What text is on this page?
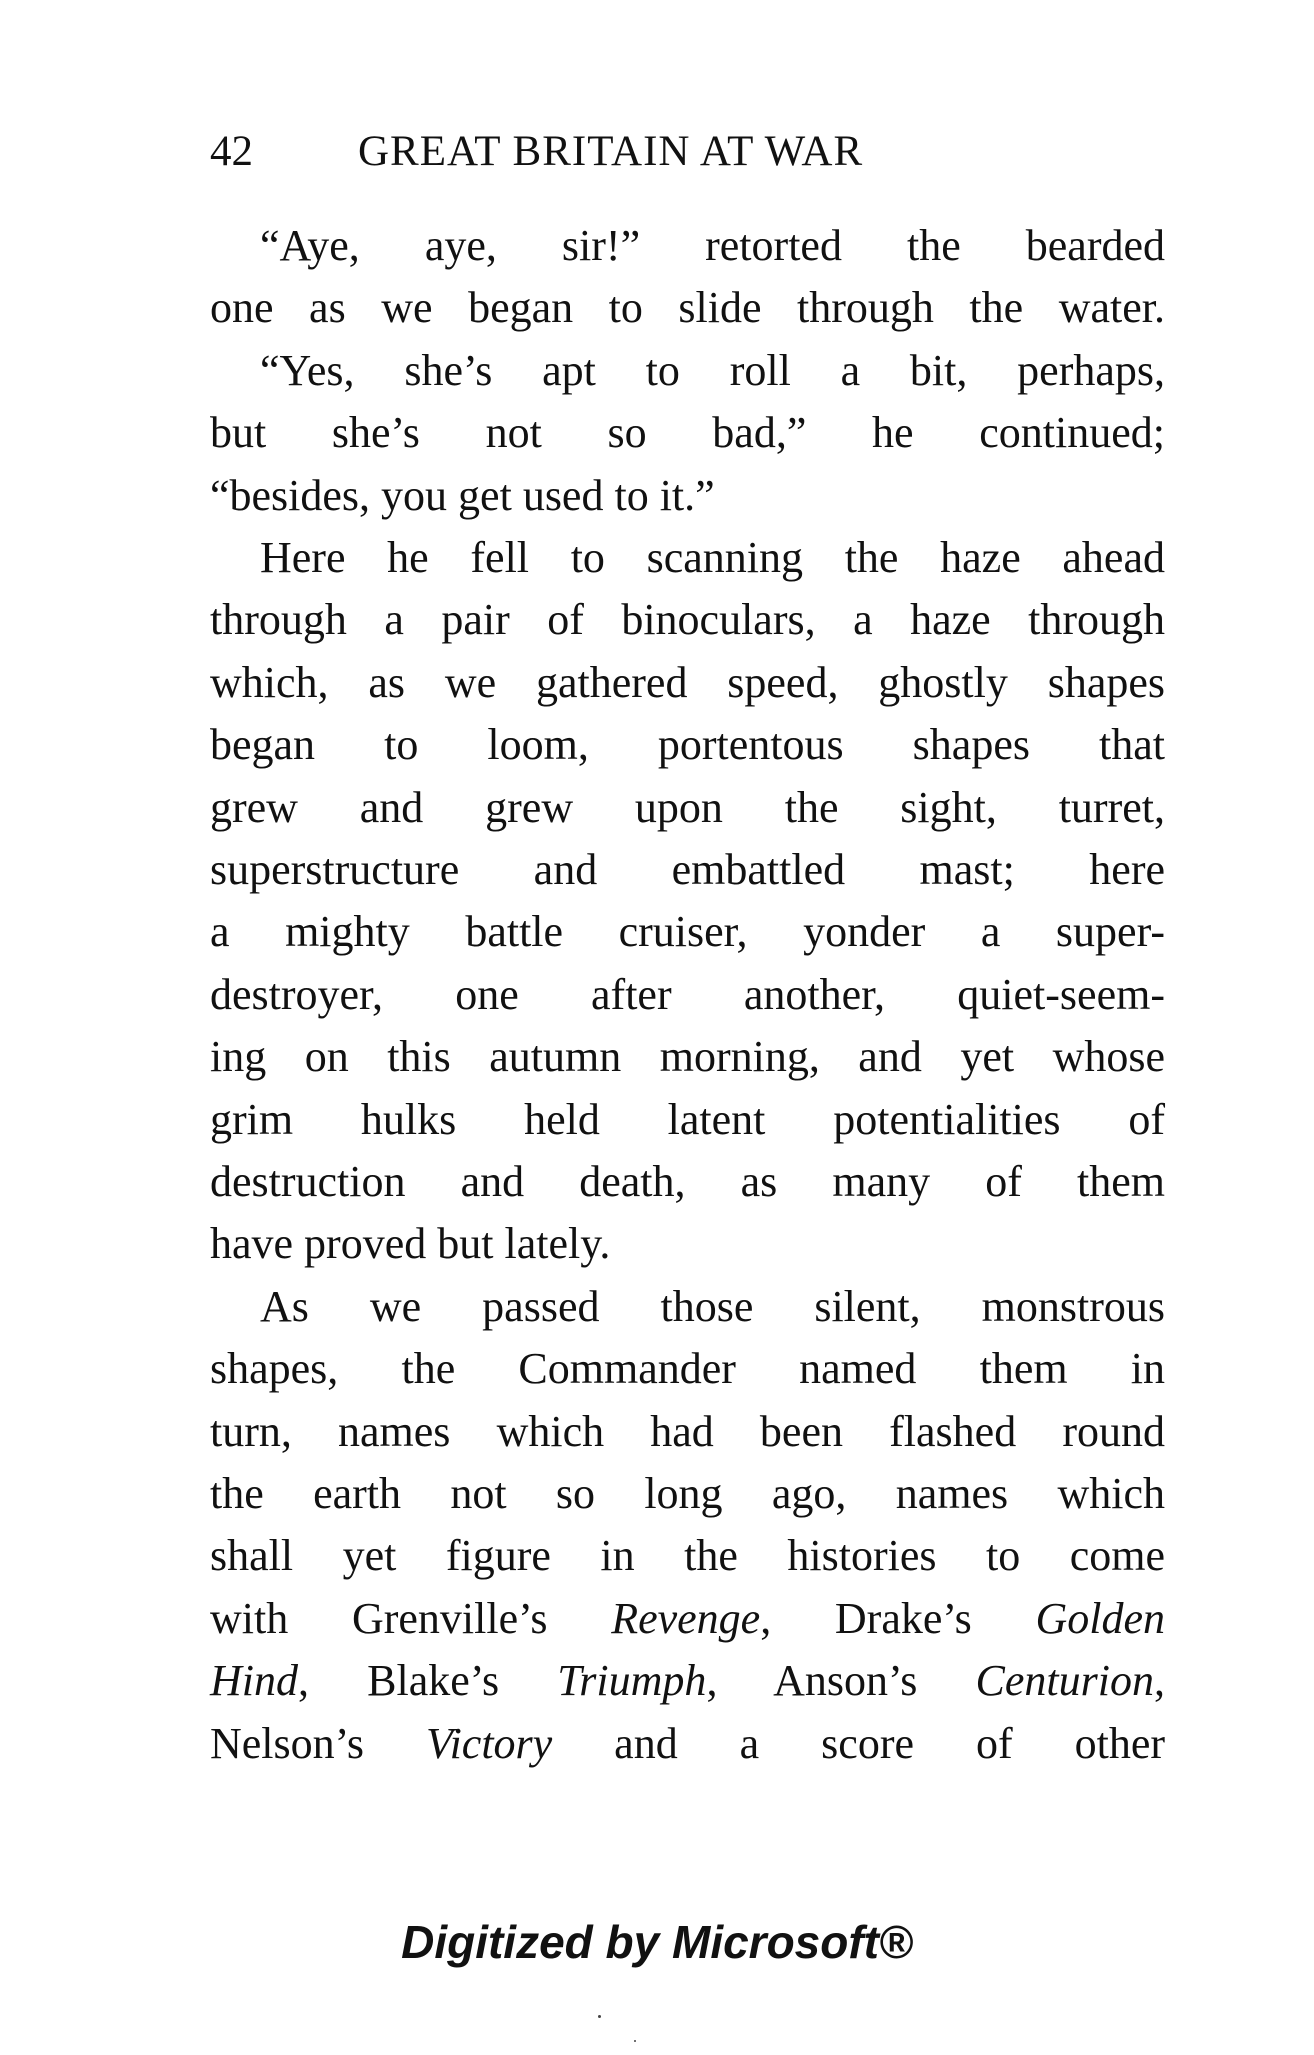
42 GREAT BRITAIN AT WAR
“Aye, aye, sir!” retorted the bearded
one as we began to slide through the water.
“Yes, she’s apt to roll a bit, perhaps,
but she’s not so bad,” he continued;
“besides, you get used to it.”
Here he fell to scanning the haze ahead
through a pair of binoculars, a haze through
which, as we gathered speed, ghostly shapes
began to loom, portentous shapes that
grew and grew upon the sight, turret,
superstructure and embattled mast; here
a mighty battle cruiser, yonder a super-
destroyer, one after another, quiet-seem-
ing on this autumn morning, and yet whose
grim hulks held latent potentialities of
destruction and death, as many of them
have proved but lately.
As we passed those silent, monstrous
shapes, the Commander named them in
turn, names which had been flashed round
the earth not so long ago, names which
shall yet figure in the histories to come
with Grenville’s Revenge, Drake’s Golden
Hind, Blake’s Triumph, Anson’s Centurion,
Nelson’s Victory and a score of other
Digitized by Microsoft®
